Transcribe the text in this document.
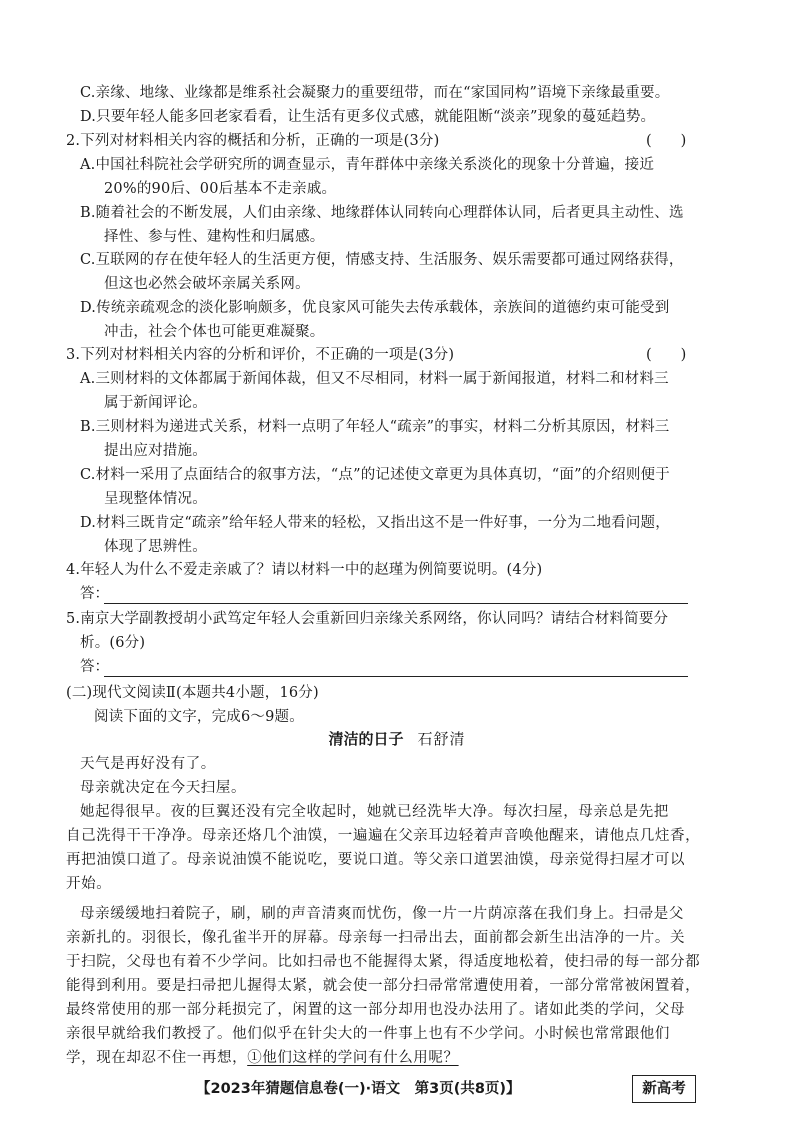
C.亲缘、地缘、业缘都是维系社会凝聚力的重要纽带，而在“家国同构”语境下亲缘最重要。
D.只要年轻人能多回老家看看，让生活有更多仪式感，就能阻断“淡亲”现象的蔓延趋势。
2.下列对材料相关内容的概括和分析，正确的一项是(3分)	(　　)
A.中国社科院社会学研究所的调查显示，青年群体中亲缘关系淡化的现象十分普遍，接近
20%的90后、00后基本不走亲戚。
B.随着社会的不断发展，人们由亲缘、地缘群体认同转向心理群体认同，后者更具主动性、选
择性、参与性、建构性和归属感。
C.互联网的存在使年轻人的生活更方便，情感支持、生活服务、娱乐需要都可通过网络获得，
但这也必然会破坏亲属关系网。
D.传统亲疏观念的淡化影响颇多，优良家风可能失去传承载体，亲族间的道德约束可能受到
冲击，社会个体也可能更难凝聚。
3.下列对材料相关内容的分析和评价，不正确的一项是(3分)	(　　)
A.三则材料的文体都属于新闻体裁，但又不尽相同，材料一属于新闻报道，材料二和材料三
属于新闻评论。
B.三则材料为递进式关系，材料一点明了年轻人“疏亲”的事实，材料二分析其原因，材料三
提出应对措施。
C.材料一采用了点面结合的叙事方法，“点”的记述使文章更为具体真切，“面”的介绍则便于
呈现整体情况。
D.材料三既肯定“疏亲”给年轻人带来的轻松，又指出这不是一件好事，一分为二地看问题，
体现了思辨性。
4.年轻人为什么不爱走亲戚了？请以材料一中的赵瑾为例简要说明。(4分)
答：
5.南京大学副教授胡小武笃定年轻人会重新回归亲缘关系网络，你认同吗？请结合材料简要分
析。(6分)
答：
(二)现代文阅读Ⅱ(本题共4小题，16分)
阅读下面的文字，完成6～9题。
清洁的日子 石舒清
天气是再好没有了。
母亲就决定在今天扫屋。
她起得很早。夜的巨翼还没有完全收起时，她就已经洗毕大净。每次扫屋，母亲总是先把
自己洗得干干净净。母亲还烙几个油馍，一遍遍在父亲耳边轻着声音唤他醒来，请他点几炷香，
再把油馍口道了。母亲说油馍不能说吃，要说口道。等父亲口道罢油馍，母亲觉得扫屋才可以
开始。
母亲缓缓地扫着院子，刷，刷的声音清爽而忧伤，像一片一片荫凉落在我们身上。扫帚是父
亲新扎的。羽很长，像孔雀半开的屏幕。母亲每一扫帚出去，面前都会新生出洁净的一片。关
于扫院，父母也有着不少学问。比如扫帚也不能握得太紧，得适度地松着，使扫帚的每一部分都
能得到利用。要是扫帚把儿握得太紧，就会使一部分扫帚常常遭使用着，一部分常常被闲置着，
最终常使用的那一部分耗损完了，闲置的这一部分却用也没办法用了。诸如此类的学问，父母
亲很早就给我们教授了。他们似乎在针尖大的一件事上也有不少学问。小时候也常常跟他们
学，现在却忍不住一再想，①他们这样的学问有什么用呢？
【2023年猜题信息卷(一)·语文　第3页(共8页)】	新高考
